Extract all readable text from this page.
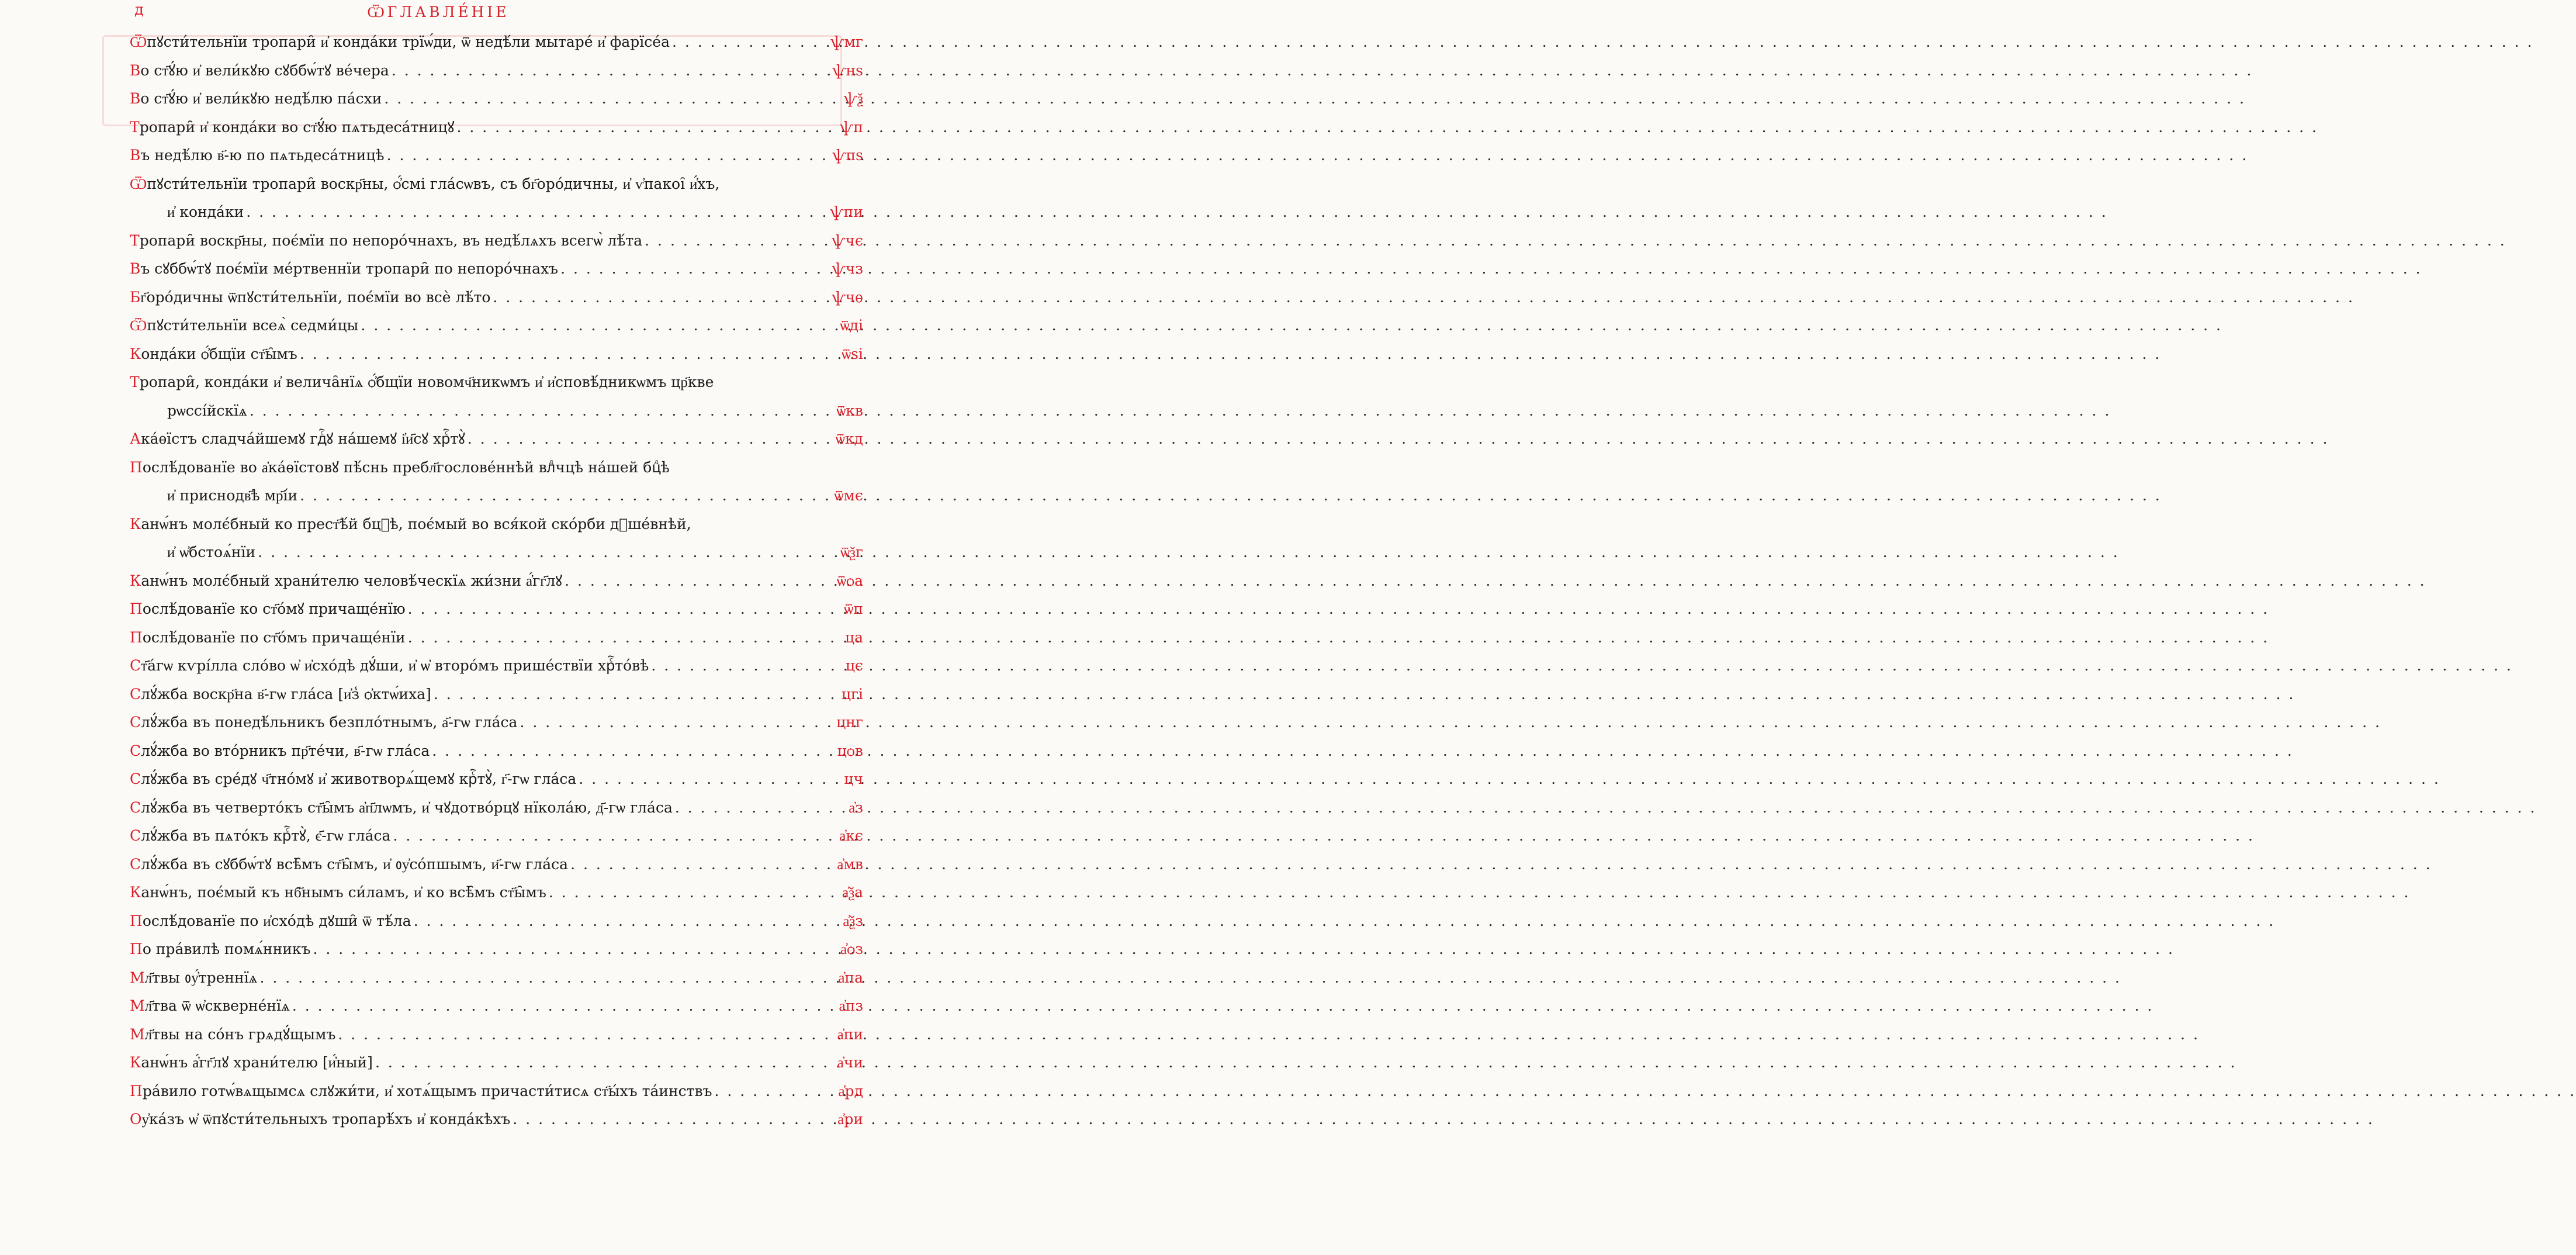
д	ѾГЛАВЛЕ́НІЕ
Ѿпꙋсти́тельнїи тропари̑ и҆ конда́ки трїѡ́ди, ѿ недѣ́ли мытаре́ и҆ фарїсе́а . . .	ѱмг
Во ст҃ꙋ́ю и҆ вели́кꙋю сꙋббѡ́тꙋ ве́чера . . .	ѱнѕ
Во ст҃ꙋ́ю и҆ вели́кꙋю недѣ́лю па́схи . . .	ѱѯ
Тропари̑ и҆ конда́ки во ст҃ꙋ́ю пѧтьдеса́тницꙋ . . .	ѱп
Въ недѣ́лю в҃-ю по пѧтьдеса́тницѣ . . .	ѱпѕ
Ѿпꙋсти́тельнїи тропари̑ воскр҃ны, ѻ҆́смі гла́сѡвъ, съ бг҃оро́дичны, и҆ ѵ҆пакоі̑ и҆́хъ,
и҆ конда́ки . . .	ѱпи
Тропари̑ воскр҃ны, поє́мїи по непоро́чнахъ, въ недѣ́лѧхъ всегѡ̀ лѣ́та . . .	ѱчє
Въ сꙋббѡ́тꙋ поє́мїи ме́ртвеннїи тропари̑ по непоро́чнахъ . . .	ѱчз
Бг҃оро́дичны ѿпꙋсти́тельнїи, поє́мїи во всѐ лѣ́то . . .	ѱчѳ
Ѿпꙋсти́тельнїи всеѧ̀ седми́цы . . .	ѿді
Конда́ки ѻ҆́бщїи ст҃ы̑мъ . . .	ѿѕі
Тропари̑, конда́ки и҆ велича̑нїѧ ѻ҆́бщїи новомч҃никѡмъ и҆ и҆сповѣ́дникѡмъ цр҃кве
рѡссі́йскїѧ . . .	ѿкв
Ака́ѳїстъ сладча́йшемꙋ гдⷭ҇ꙋ на́шемꙋ і҆и҃сꙋ хрⷭ҇тꙋ̀ . . .	ѿкд
Послѣ́дованїе во а҆ка́ѳїстовꙋ пѣ́снь пребл҃гослове́ннѣй влⷣчцѣ на́шей бцⷣѣ
и҆ приснодв҃ѣ мр҃і́и . . .	ѿмє
Канѡ́нъ молє́бный ко прест҃ѣ́й бцⷣѣ, поє́мый во вся́кой ско́рби дꙋше́внѣй,
и҆ ѡ҆бстоѧ́нїи . . .	ѿѯг
Канѡ́нъ молє́бный храни́телю человѣ́ческїѧ жи́зни а҆́гг҃лꙋ . . .	ѿѻа
Послѣ́дованїе ко ст҃о́мꙋ причаще́нїю . . .	ѿп
Послѣ́дованїе по ст҃о́мъ причаще́нїи . . .	ца
Ст҃а́гѡ кѵрі́лла сло́во ѡ҆ и҆схо́дѣ дꙋ́ши, и҆ ѡ҆ второ́мъ прише́ствїи хрⷭ҇то́вѣ . . .	цє
Слꙋ́жба воскр҃на в҃-гѡ гла́са [и҆з̾ ѻ҆ктѡ́иха] . . .	цгі
Слꙋ́жба въ понедѣ́льникъ безпло́тнымъ, а҃-гѡ гла́са . . .	цнг
Слꙋ́жба во вто́рникъ пр҃те́чи, в҃-гѡ гла́са . . .	цѻв
Слꙋ́жба въ сре́дꙋ ч҃тно́мꙋ и҆ животворѧ́щемꙋ крⷭ҇тꙋ̀, г҃-гѡ гла́са . . .	цч
Слꙋ́жба въ четверто́къ ст҃ы̑мъ а҆п҃лѡмъ, и҆ чꙋдотво́рцꙋ нїкола́ю, д҃-гѡ гла́са . . .	а҆з
Слꙋ́жба въ пѧто́къ крⷭ҇тꙋ̀, є҃-гѡ гла́са . . .	а҆кє
Слꙋ́жба въ сꙋббѡ́тꙋ всѣ̑мъ ст҃ы̑мъ, и҆ ᲂу҆со́пшымъ, и҃-гѡ гла́са . . .	а҆мв
Канѡ́нъ, поє́мый къ нб҃нымъ си́ламъ, и҆ ко всѣ̑мъ ст҃ы̑мъ . . .	а҆ѯа
Послѣ́дованїе по и҆схо́дѣ дꙋши̑ ѿ тѣ́ла . . .	а҆ѯз
По пра́вилѣ помѧ́нникъ . . .	а҆ѻз
Мл҃твы ᲂу҆́треннїѧ . . .	а҆па
Мл҃тва ѿ ѡ҆скверне́нїѧ . . .	а҆пз
Мл҃твы на со́нъ грѧдꙋ́щымъ . . .	а҆пи
Канѡ́нъ а҆́гг҃лꙋ храни́телю [и҆́ный] . . .	а҆чи
Пра́вило готѡ́вѧщымсѧ слꙋжи́ти, и҆ хотѧ́щымъ причасти́тисѧ ст҃ы́хъ та́инствъ . . .	а҆рд
Оу҆ка́зъ ѡ҆ ѿпꙋсти́тельныхъ тропарѣ́хъ и҆ конда́кѣхъ . . .	а҆ри
